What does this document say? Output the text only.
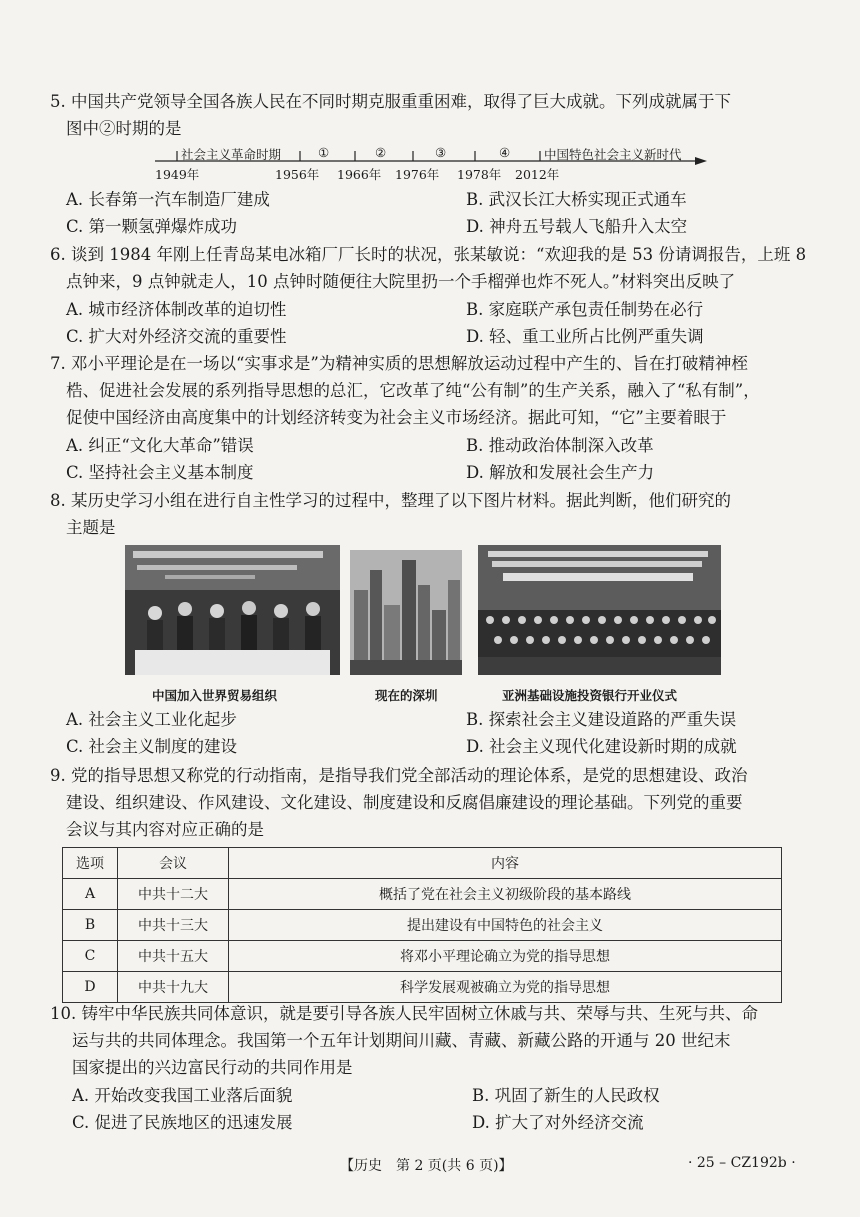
5. 中国共产党领导全国各族人民在不同时期克服重重困难，取得了巨大成就。下列成就属于下
图中②时期的是
社会主义革命时期	①	②	③	④	中国特色社会主义新时代
1949年	1956年 1966年 1976年 1978年 2012年
A. 长春第一汽车制造厂建成	B. 武汉长江大桥实现正式通车
C. 第一颗氢弹爆炸成功	D. 神舟五号载人飞船升入太空
6. 谈到 1984 年刚上任青岛某电冰箱厂厂长时的状况，张某敏说：“欢迎我的是 53 份请调报告，上班 8
点钟来，9 点钟就走人，10 点钟时随便往大院里扔一个手榴弹也炸不死人。”材料突出反映了
A. 城市经济体制改革的迫切性	B. 家庭联产承包责任制势在必行
C. 扩大对外经济交流的重要性	D. 轻、重工业所占比例严重失调
7. 邓小平理论是在一场以“实事求是”为精神实质的思想解放运动过程中产生的、旨在打破精神桎
梏、促进社会发展的系列指导思想的总汇，它改革了纯“公有制”的生产关系，融入了“私有制”，
促使中国经济由高度集中的计划经济转变为社会主义市场经济。据此可知，“它”主要着眼于
A. 纠正“文化大革命”错误	B. 推动政治体制深入改革
C. 坚持社会主义基本制度	D. 解放和发展社会生产力
8. 某历史学习小组在进行自主性学习的过程中，整理了以下图片材料。据此判断，他们研究的
主题是
中国加入世界贸易组织	现在的深圳	亚洲基础设施投资银行开业仪式
A. 社会主义工业化起步	B. 探索社会主义建设道路的严重失误
C. 社会主义制度的建设	D. 社会主义现代化建设新时期的成就
9. 党的指导思想又称党的行动指南，是指导我们党全部活动的理论体系，是党的思想建设、政治
建设、组织建设、作风建设、文化建设、制度建设和反腐倡廉建设的理论基础。下列党的重要
会议与其内容对应正确的是
选项	会议	内容
A	中共十二大	概括了党在社会主义初级阶段的基本路线
B	中共十三大	提出建设有中国特色的社会主义
C	中共十五大	将邓小平理论确立为党的指导思想
D	中共十九大	科学发展观被确立为党的指导思想
10. 铸牢中华民族共同体意识，就是要引导各族人民牢固树立休戚与共、荣辱与共、生死与共、命
运与共的共同体理念。我国第一个五年计划期间川藏、青藏、新藏公路的开通与 20 世纪末
国家提出的兴边富民行动的共同作用是
A. 开始改变我国工业落后面貌	B. 巩固了新生的人民政权
C. 促进了民族地区的迅速发展	D. 扩大了对外经济交流
【历史　第 2 页(共 6 页)】	· 25 – CZ192b ·
